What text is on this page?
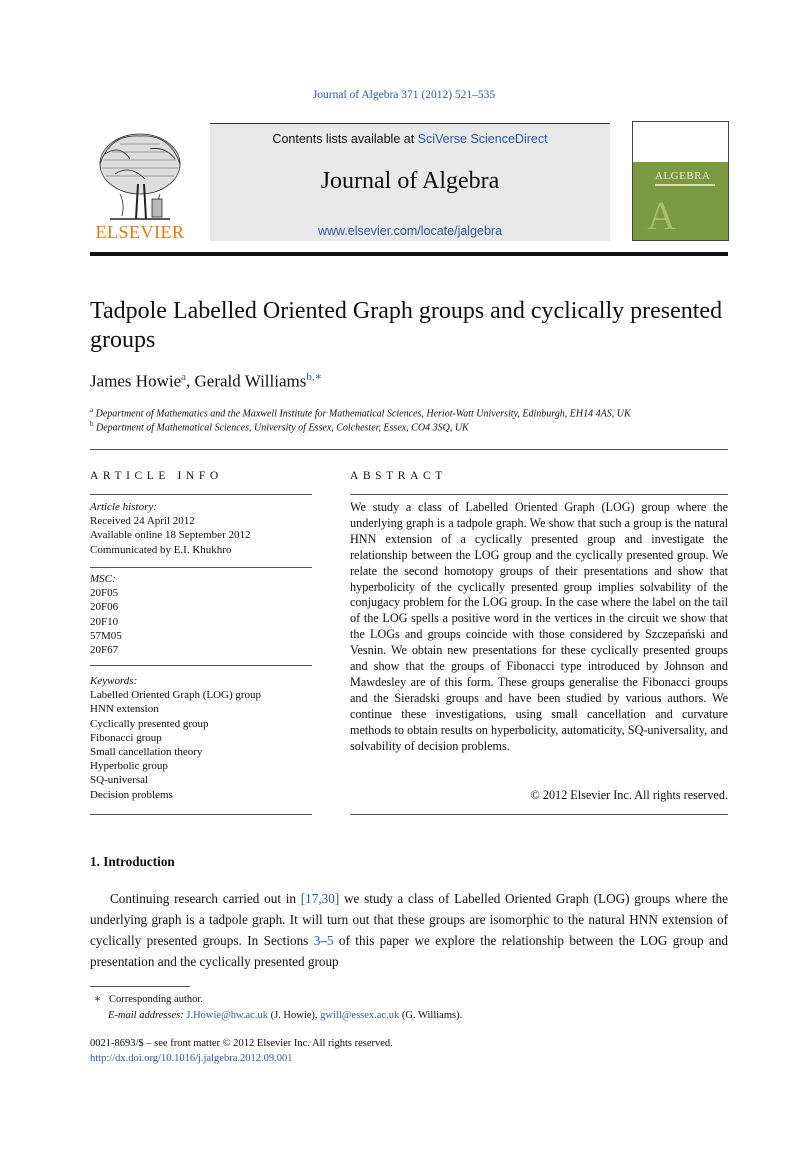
Journal of Algebra 371 (2012) 521–535
ELSEVIER
Contents lists available at SciVerse ScienceDirect
Journal of Algebra
www.elsevier.com/locate/jalgebra
ALGEBRA
A
Tadpole Labelled Oriented Graph groups and cyclically presented groups
James Howie$^a$, Gerald Williams$^{b,∗}$
$^a$ Department of Mathematics and the Maxwell Institute for Mathematical Sciences, Heriot-Watt University, Edinburgh, EH14 4AS, UK
$^b$ Department of Mathematical Sciences, University of Essex, Colchester, Essex, CO4 3SQ, UK
ARTICLE INFO	ABSTRACT
Article history:
Received 24 April 2012
Available online 18 September 2012
Communicated by E.I. Khukhro
MSC:
20F05
20F06
20F10
57M05
20F67
Keywords:
Labelled Oriented Graph (LOG) group
HNN extension
Cyclically presented group
Fibonacci group
Small cancellation theory
Hyperbolic group
SQ-universal
Decision problems
We study a class of Labelled Oriented Graph (LOG) group where the underlying graph is a tadpole graph. We show that such a group is the natural HNN extension of a cyclically presented group and investigate the relationship between the LOG group and the cyclically presented group. We relate the second homotopy groups of their presentations and show that hyperbolicity of the cyclically presented group implies solvability of the conjugacy problem for the LOG group. In the case where the label on the tail of the LOG spells a positive word in the vertices in the circuit we show that the LOGs and groups coincide with those considered by Szczepański and Vesnin. We obtain new presentations for these cyclically presented groups and show that the groups of Fibonacci type introduced by Johnson and Mawdesley are of this form. These groups generalise the Fibonacci groups and the Sieradski groups and have been studied by various authors. We continue these investigations, using small cancellation and curvature methods to obtain results on hyperbolicity, automaticity, SQ-universality, and solvability of decision problems.
© 2012 Elsevier Inc. All rights reserved.
1. Introduction
Continuing research carried out in [17,30] we study a class of Labelled Oriented Graph (LOG) groups where the underlying graph is a tadpole graph. It will turn out that these groups are isomorphic to the natural HNN extension of cyclically presented groups. In Sections 3–5 of this paper we explore the relationship between the LOG group and presentation and the cyclically presented group
∗ Corresponding author.
E-mail addresses: J.Howie@hw.ac.uk (J. Howie), gwill@essex.ac.uk (G. Williams).
0021-8693/$ – see front matter © 2012 Elsevier Inc. All rights reserved.
http://dx.doi.org/10.1016/j.jalgebra.2012.09.001
